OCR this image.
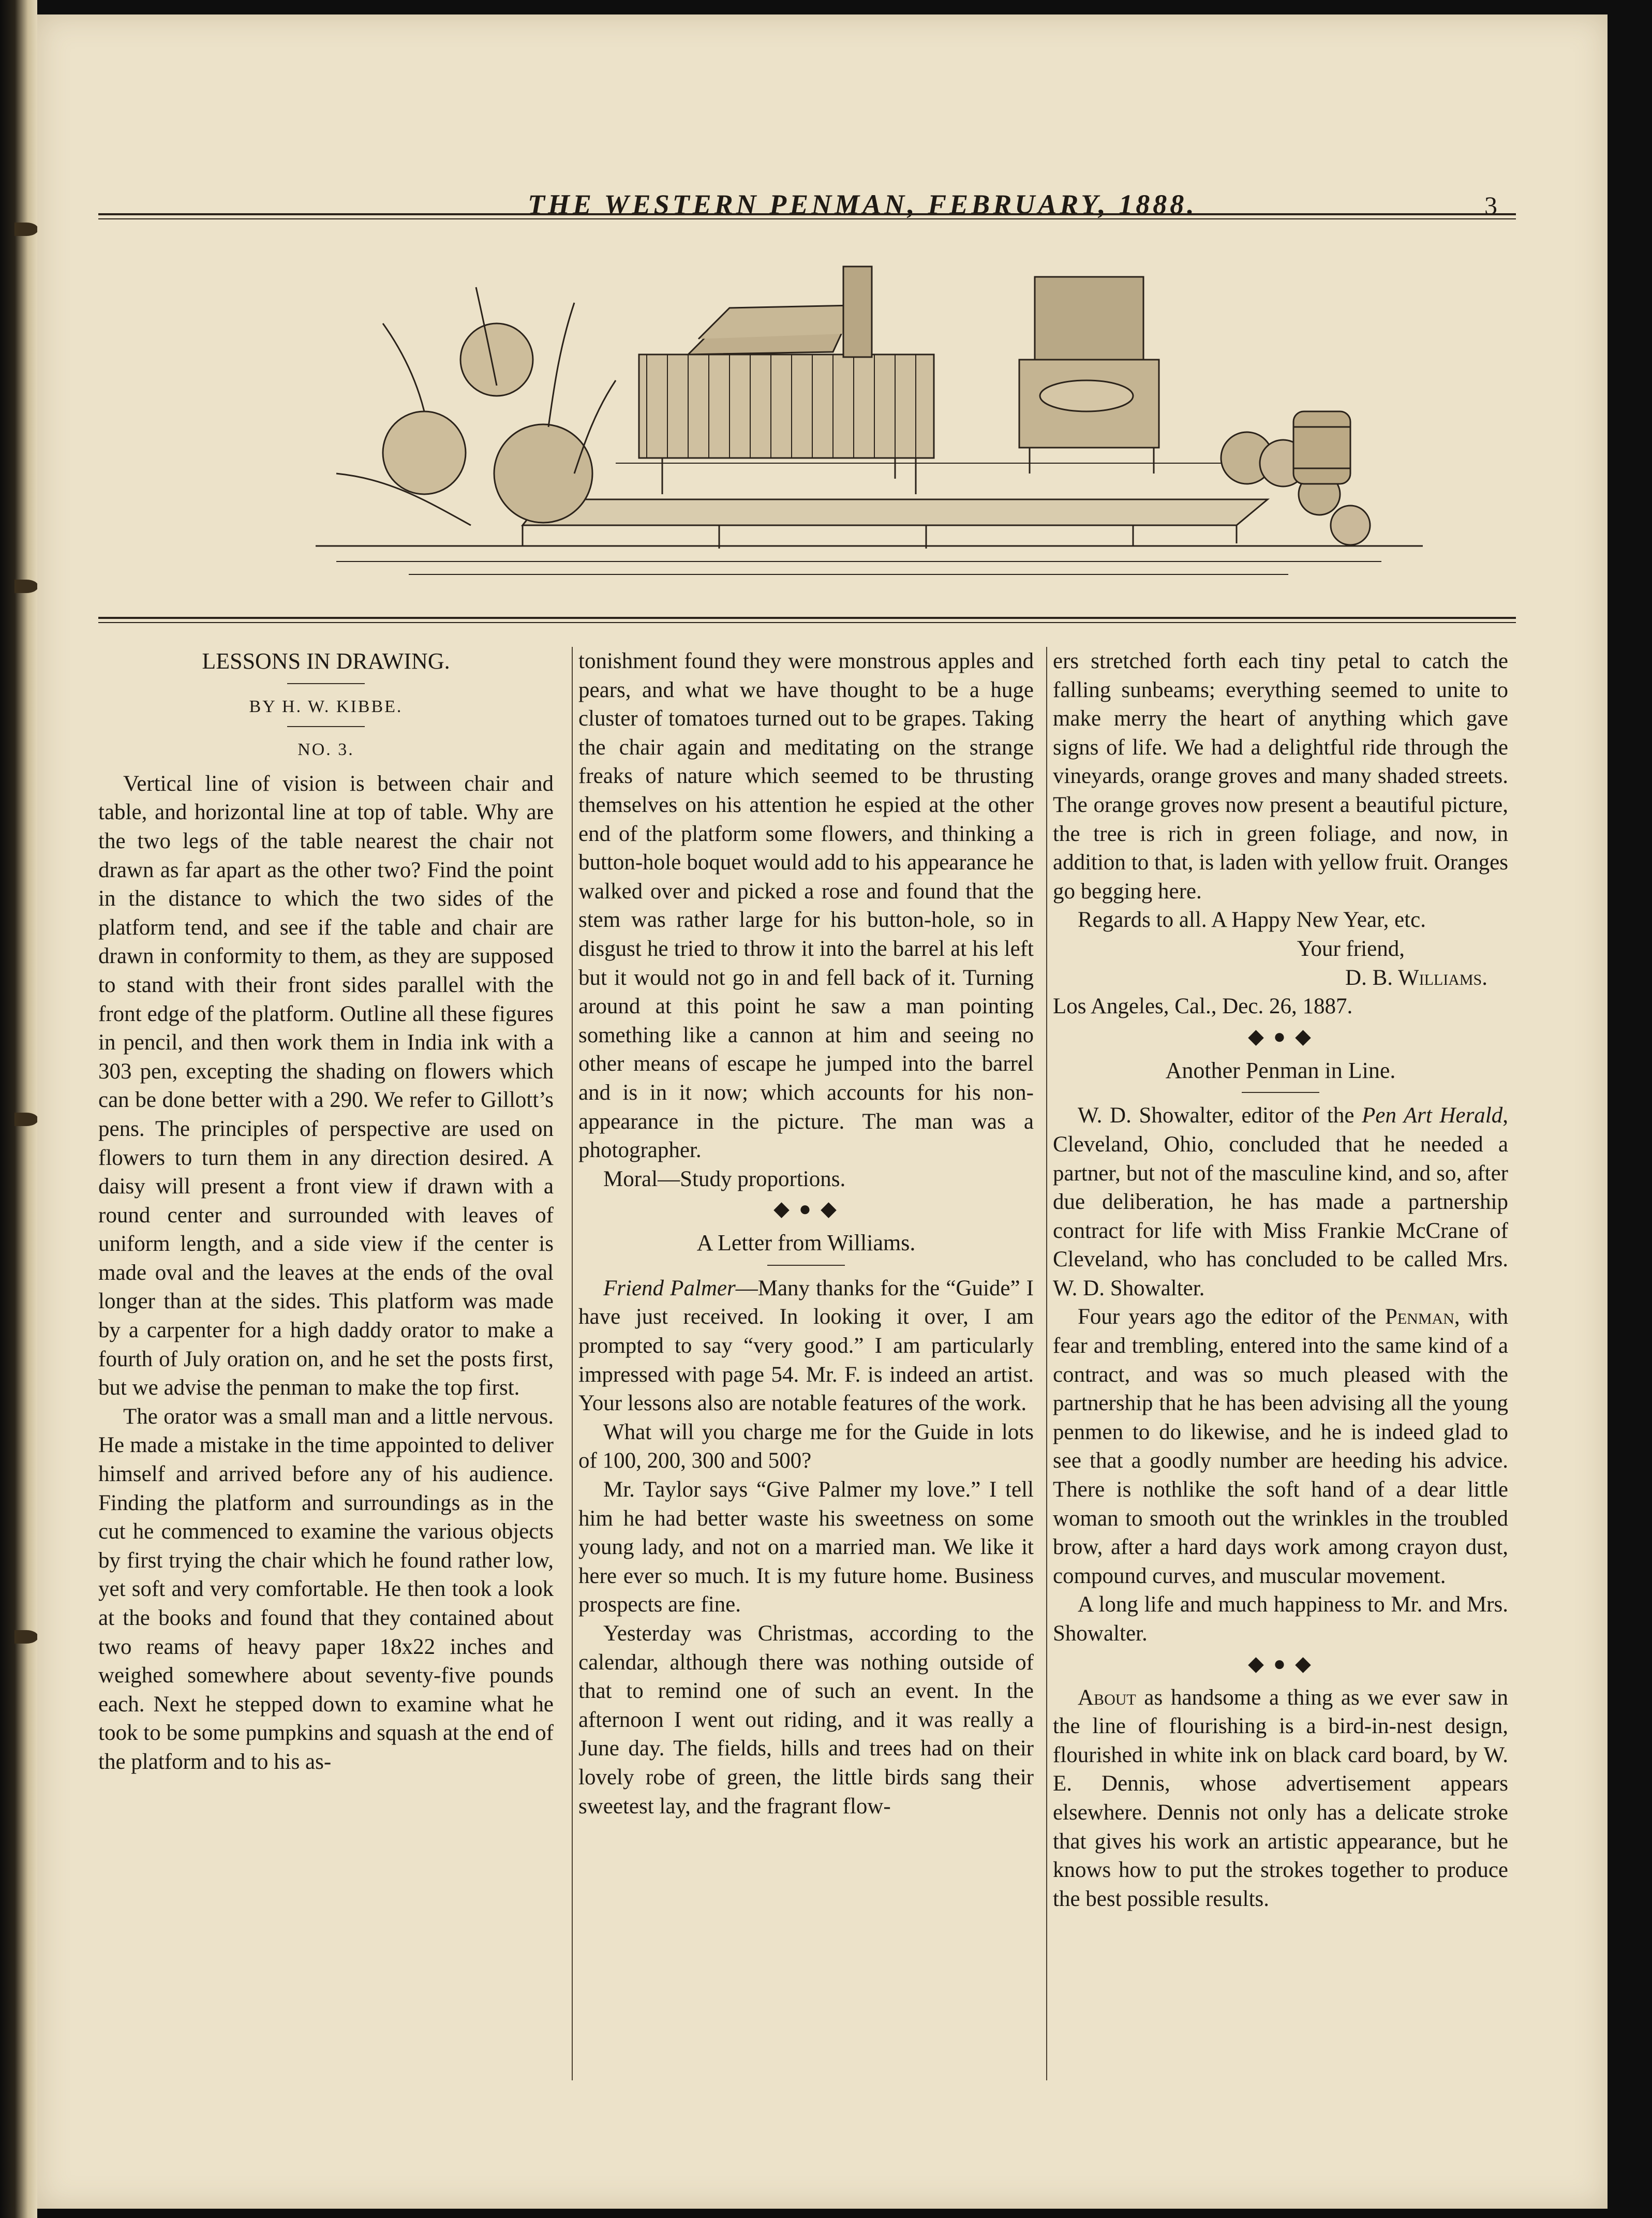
THE WESTERN PENMAN, FEBRUARY, 1888.	3
LESSONS IN DRAWING.
BY H. W. KIBBE.
NO. 3.

Vertical line of vision is between chair and table, and horizontal line at top of table. Why are the two legs of the table nearest the chair not drawn as far apart as the other two? Find the point in the distance to which the two sides of the platform tend, and see if the table and chair are drawn in conformity to them, as they are supposed to stand with their front sides parallel with the front edge of the platform. Outline all these figures in pencil, and then work them in India ink with a 303 pen, excepting the shading on flowers which can be done better with a 290. We refer to Gillott’s pens. The principles of perspective are used on flowers to turn them in any direction desired. A daisy will present a front view if drawn with a round center and surrounded with leaves of uniform length, and a side view if the center is made oval and the leaves at the ends of the oval longer than at the sides. This platform was made by a carpenter for a high daddy orator to make a fourth of July oration on, and he set the posts first, but we advise the penman to make the top first.

The orator was a small man and a little nervous. He made a mistake in the time appointed to deliver himself and arrived before any of his audience. Finding the platform and surroundings as in the cut he commenced to examine the various objects by first trying the chair which he found rather low, yet soft and very comfortable. He then took a look at the books and found that they contained about two reams of heavy paper 18x22 inches and weighed somewhere about seventy-five pounds each. Next he stepped down to examine what he took to be some pumpkins and squash at the end of the platform and to his as-

tonishment found they were monstrous apples and pears, and what we have thought to be a huge cluster of tomatoes turned out to be grapes. Taking the chair again and meditating on the strange freaks of nature which seemed to be thrusting themselves on his attention he espied at the other end of the platform some flowers, and thinking a button-hole boquet would add to his appearance he walked over and picked a rose and found that the stem was rather large for his button-hole, so in disgust he tried to throw it into the barrel at his left but it would not go in and fell back of it. Turning around at this point he saw a man pointing something like a cannon at him and seeing no other means of escape he jumped into the barrel and is in it now; which accounts for his non-appearance in the picture. The man was a photographer.

Moral—Study proportions.

◆ ● ◆
A Letter from Williams.

Friend Palmer—Many thanks for the “Guide” I have just received. In looking it over, I am prompted to say “very good.” I am particularly impressed with page 54. Mr. F. is indeed an artist. Your lessons also are notable features of the work.

What will you charge me for the Guide in lots of 100, 200, 300 and 500?

Mr. Taylor says “Give Palmer my love.” I tell him he had better waste his sweetness on some young lady, and not on a married man. We like it here ever so much. It is my future home. Business prospects are fine.

Yesterday was Christmas, according to the calendar, although there was nothing outside of that to remind one of such an event. In the afternoon I went out riding, and it was really a June day. The fields, hills and trees had on their lovely robe of green, the little birds sang their sweetest lay, and the fragrant flow-

ers stretched forth each tiny petal to catch the falling sunbeams; everything seemed to unite to make merry the heart of anything which gave signs of life. We had a delightful ride through the vineyards, orange groves and many shaded streets. The orange groves now present a beautiful picture, the tree is rich in green foliage, and now, in addition to that, is laden with yellow fruit. Oranges go begging here.

Regards to all. A Happy New Year, etc.

Your friend,
D. B. Williams.
Los Angeles, Cal., Dec. 26, 1887.
◆ ● ◆
Another Penman in Line.

W. D. Showalter, editor of the Pen Art Herald, Cleveland, Ohio, concluded that he needed a partner, but not of the masculine kind, and so, after due deliberation, he has made a partnership contract for life with Miss Frankie McCrane of Cleveland, who has concluded to be called Mrs. W. D. Showalter.

Four years ago the editor of the Penman, with fear and trembling, entered into the same kind of a contract, and was so much pleased with the partnership that he has been advising all the young penmen to do likewise, and he is indeed glad to see that a goodly number are heeding his advice. There is nothlike the soft hand of a dear little woman to smooth out the wrinkles in the troubled brow, after a hard days work among crayon dust, compound curves, and muscular movement.

A long life and much happiness to Mr. and Mrs. Showalter.

◆ ● ◆

About as handsome a thing as we ever saw in the line of flourishing is a bird-in-nest design, flourished in white ink on black card board, by W. E. Dennis, whose advertisement appears elsewhere. Dennis not only has a delicate stroke that gives his work an artistic appearance, but he knows how to put the strokes together to produce the best possible results.
